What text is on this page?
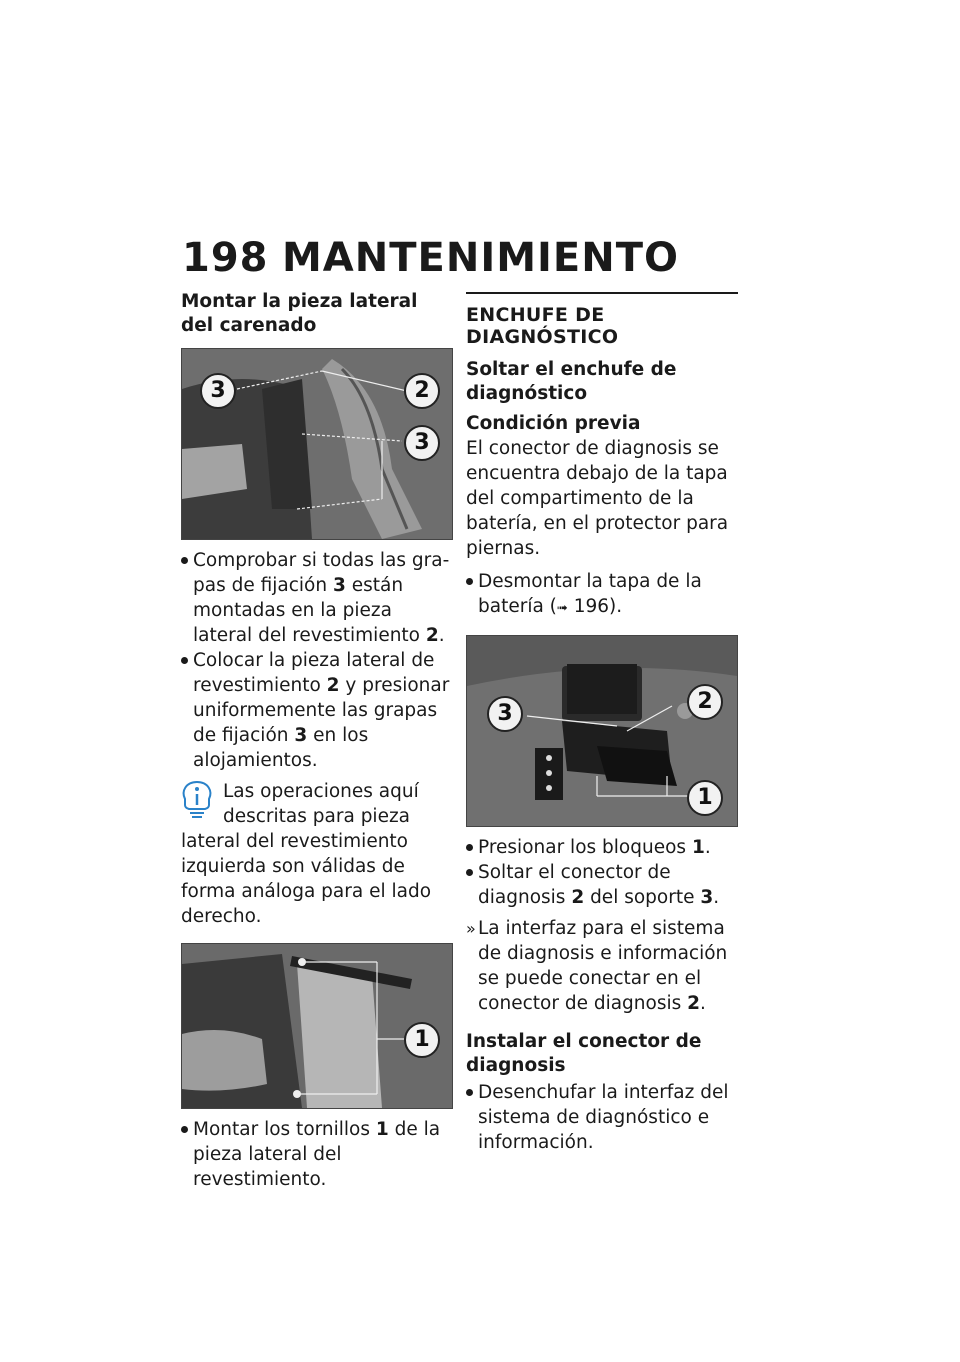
198 MANTENIMIENTO
Montar la pieza lateral del carenado
3	2
3
Comprobar si todas las grapas de fijación 3 están montadas en la pieza lateral del revestimiento 2.
Colocar la pieza lateral de revestimiento 2 y presionar uniformemente las grapas de fijación 3 en los alojamientos.
Las operaciones aquí descritas para pieza lateral del revestimiento izquierda son válidas de forma análoga para el lado derecho.
1
Montar los tornillos 1 de la pieza lateral del revestimiento.
ENCHUFE DE DIAGNÓSTICO
Soltar el enchufe de diagnóstico
Condición previa
El conector de diagnosis se encuentra debajo de la tapa del compartimento de la batería, en el protector para piernas.
Desmontar la tapa de la batería (➟ 196).
3	2
1
Presionar los bloqueos 1.
Soltar el conector de diagnosis 2 del soporte 3.
» La interfaz para el sistema de diagnosis e información se puede conectar en el conector de diagnosis 2.
Instalar el conector de diagnosis
Desenchufar la interfaz del sistema de diagnóstico e información.
